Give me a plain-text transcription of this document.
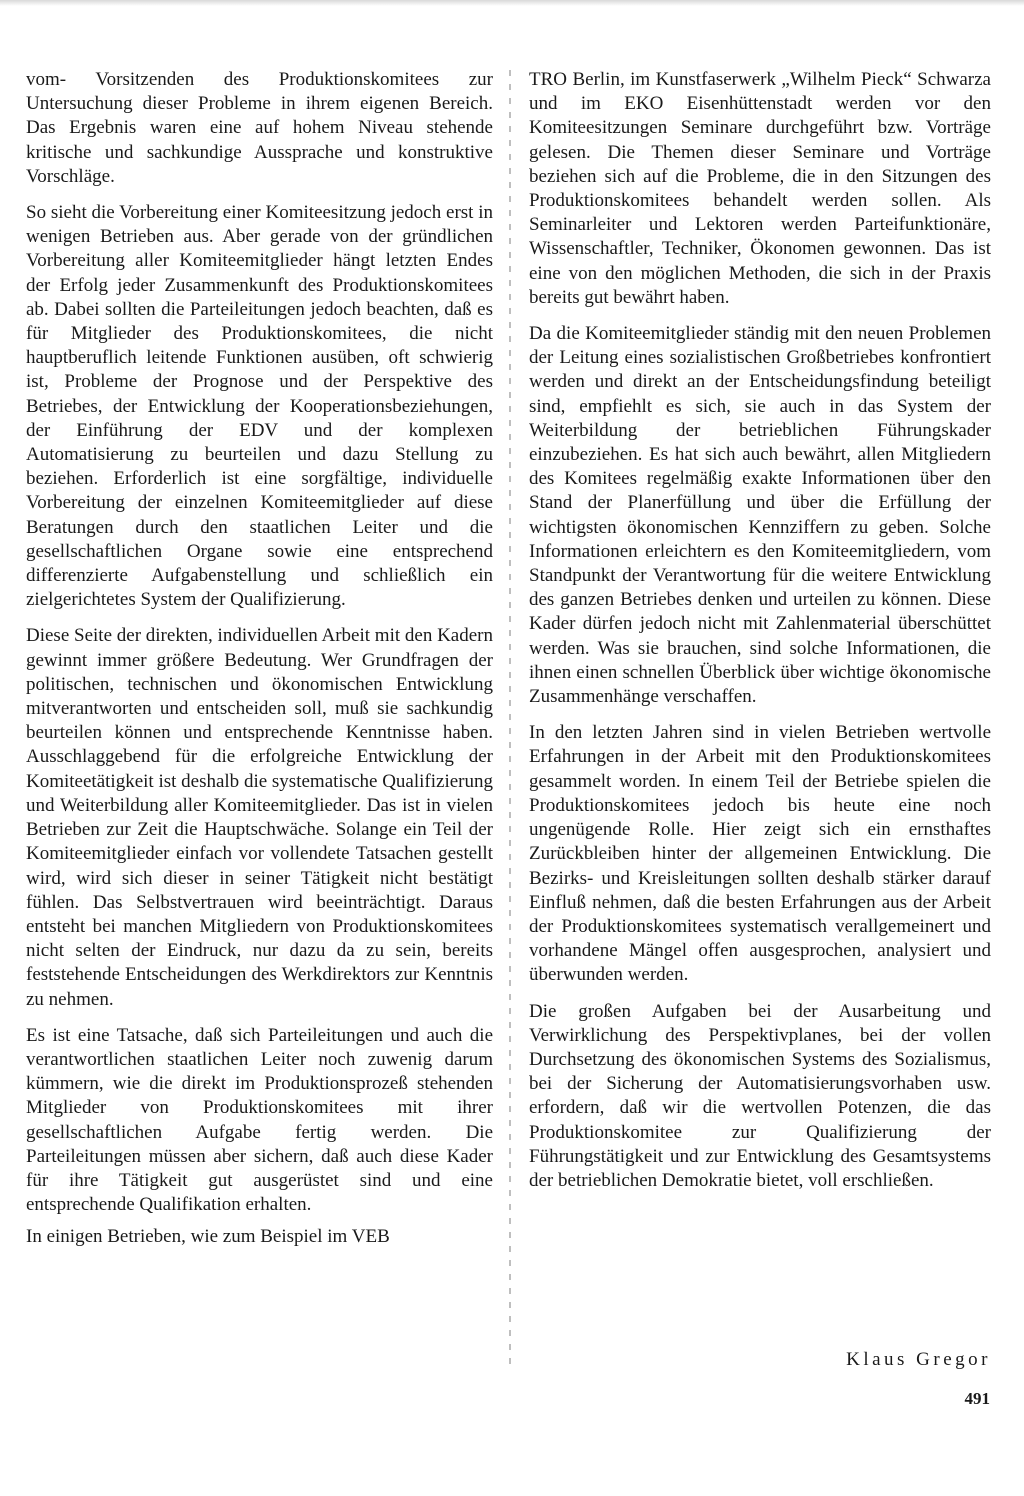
vom- Vorsitzenden des Produktionskomitees zur Untersuchung dieser Probleme in ihrem eigenen Bereich. Das Ergebnis waren eine auf hohem Niveau stehende kritische und sachkundige Aussprache und konstruktive Vorschläge.

So sieht die Vorbereitung einer Komiteesitzung jedoch erst in wenigen Betrieben aus. Aber gerade von der gründlichen Vorbereitung aller Komiteemitglieder hängt letzten Endes der Erfolg jeder Zusammenkunft des Produktionskomitees ab. Dabei sollten die Parteileitungen jedoch beachten, daß es für Mitglieder des Produktionskomitees, die nicht hauptberuflich leitende Funktionen ausüben, oft schwierig ist, Probleme der Prognose und der Perspektive des Betriebes, der Entwicklung der Kooperationsbeziehungen, der Einführung der EDV und der komplexen Automatisierung zu beurteilen und dazu Stellung zu beziehen. Erforderlich ist eine sorgfältige, individuelle Vorbereitung der einzelnen Komiteemitglieder auf diese Beratungen durch den staatlichen Leiter und die gesellschaftlichen Organe sowie eine entsprechend differenzierte Aufgabenstellung und schließlich ein zielgerichtetes System der Qualifizierung.

Diese Seite der direkten, individuellen Arbeit mit den Kadern gewinnt immer größere Bedeutung. Wer Grundfragen der politischen, technischen und ökonomischen Entwicklung mitverantworten und entscheiden soll, muß sie sachkundig beurteilen können und entsprechende Kenntnisse haben. Ausschlaggebend für die erfolgreiche Entwicklung der Komiteetätigkeit ist deshalb die systematische Qualifizierung und Weiterbildung aller Komiteemitglieder. Das ist in vielen Betrieben zur Zeit die Hauptschwäche. Solange ein Teil der Komiteemitglieder einfach vor vollendete Tatsachen gestellt wird, wird sich dieser in seiner Tätigkeit nicht bestätigt fühlen. Das Selbstvertrauen wird beeinträchtigt. Daraus entsteht bei manchen Mitgliedern von Produktionskomitees nicht selten der Eindruck, nur dazu da zu sein, bereits feststehende Entscheidungen des Werkdirektors zur Kenntnis zu nehmen.

Es ist eine Tatsache, daß sich Parteileitungen und auch die verantwortlichen staatlichen Leiter noch zuwenig darum kümmern, wie die direkt im Produktionsprozeß stehenden Mitglieder von Produktionskomitees mit ihrer gesellschaftlichen Aufgabe fertig werden. Die Parteileitungen müssen aber sichern, daß auch diese Kader für ihre Tätigkeit gut ausgerüstet sind und eine entsprechende Qualifikation erhalten.

In einigen Betrieben, wie zum Beispiel im VEB

TRO Berlin, im Kunstfaserwerk „Wilhelm Pieck“ Schwarza und im EKO Eisenhüttenstadt werden vor den Komiteesitzungen Seminare durchgeführt bzw. Vorträge gelesen. Die Themen dieser Seminare und Vorträge beziehen sich auf die Probleme, die in den Sitzungen des Produktionskomitees behandelt werden sollen. Als Seminarleiter und Lektoren werden Parteifunktionäre, Wissenschaftler, Techniker, Ökonomen gewonnen. Das ist eine von den möglichen Methoden, die sich in der Praxis bereits gut bewährt haben.

Da die Komiteemitglieder ständig mit den neuen Problemen der Leitung eines sozialistischen Großbetriebes konfrontiert werden und direkt an der Entscheidungsfindung beteiligt sind, empfiehlt es sich, sie auch in das System der Weiterbildung der betrieblichen Führungskader einzubeziehen. Es hat sich auch bewährt, allen Mitgliedern des Komitees regelmäßig exakte Informationen über den Stand der Planerfüllung und über die Erfüllung der wichtigsten ökonomischen Kennziffern zu geben. Solche Informationen erleichtern es den Komiteemitgliedern, vom Standpunkt der Verantwortung für die weitere Entwicklung des ganzen Betriebes denken und urteilen zu können. Diese Kader dürfen jedoch nicht mit Zahlenmaterial überschüttet werden. Was sie brauchen, sind solche Informationen, die ihnen einen schnellen Überblick über wichtige ökonomische Zusammenhänge verschaffen.

In den letzten Jahren sind in vielen Betrieben wertvolle Erfahrungen in der Arbeit mit den Produktionskomitees gesammelt worden. In einem Teil der Betriebe spielen die Produktionskomitees jedoch bis heute eine noch ungenügende Rolle. Hier zeigt sich ein ernsthaftes Zurückbleiben hinter der allgemeinen Entwicklung. Die Bezirks- und Kreisleitungen sollten deshalb stärker darauf Einfluß nehmen, daß die besten Erfahrungen aus der Arbeit der Produktionskomitees systematisch verallgemeinert und vorhandene Mängel offen ausgesprochen, analysiert und überwunden werden.

Die großen Aufgaben bei der Ausarbeitung und Verwirklichung des Perspektivplanes, bei der vollen Durchsetzung des ökonomischen Systems des Sozialismus, bei der Sicherung der Automatisierungsvorhaben usw. erfordern, daß wir die wertvollen Potenzen, die das Produktionskomitee zur Qualifizierung der Führungstätigkeit und zur Entwicklung des Gesamtsystems der betrieblichen Demokratie bietet, voll erschließen.

Klaus Gregor
491
